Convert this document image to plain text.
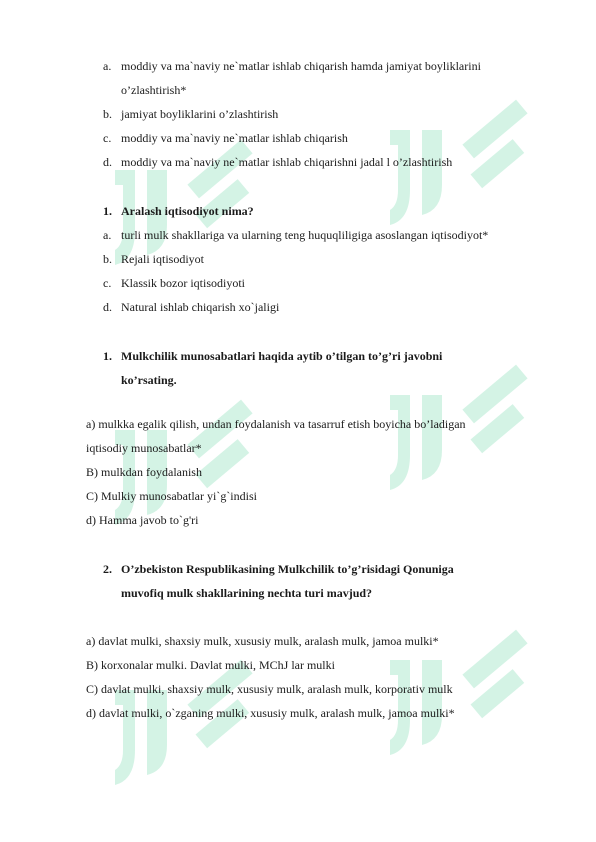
a. moddiy va ma`naviy ne`matlar ishlab chiqarish hamda jamiyat boyliklarini
o’zlashtirish*
b. jamiyat boyliklarini o’zlashtirish
c. moddiy va ma`naviy ne`matlar ishlab chiqarish
d. moddiy va ma`naviy ne`matlar ishlab chiqarishni jadal l o’zlashtirish
1. Aralash iqtisodiyot nima?
a. turli mulk shakllariga va ularning teng huquqliligiga asoslangan iqtisodiyot*
b. Rejali iqtisodiyot
c. Klassik bozor iqtisodiyoti
d. Natural ishlab chiqarish xo`jaligi
1. Mulkchilik munosabatlari haqida aytib o’tilgan to’g’ri javobni
ko’rsating.
a) mulkka egalik qilish, undan foydalanish va tasarruf etish boyicha bo’ladigan
iqtisodiy munosabatlar*
B) mulkdan foydalanish
C) Mulkiy munosabatlar yi`g`indisi
d) Hamma javob to`g'ri
2. O’zbekiston Respublikasining Mulkchilik to’g’risidagi Qonuniga
muvofiq mulk shakllarining nechta turi mavjud?
a) davlat mulki, shaxsiy mulk, xususiy mulk, aralash mulk, jamoa mulki*
B) korxonalar mulki. Davlat mulki, MChJ lar mulki
C) davlat mulki, shaxsiy mulk, xususiy mulk, aralash mulk, korporativ mulk
d) davlat mulki, o`zganing mulki, xususiy mulk, aralash mulk, jamoa mulki*
